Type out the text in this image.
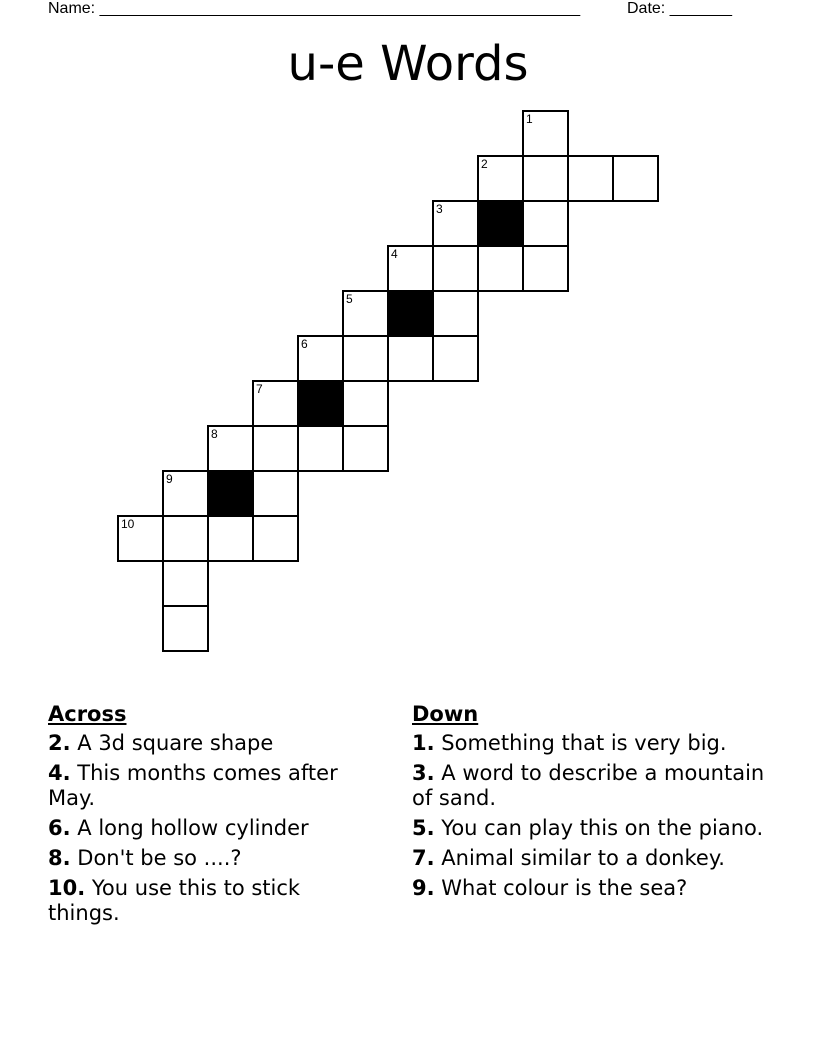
Name: ______________________________________________________	Date: _______
u-e Words
1
2
3
4
5
6
7
8
9
10
Across
2. A 3d square shape
4. This months comes after May.
6. A long hollow cylinder
8. Don't be so ....?
10. You use this to stick things.
Down
1. Something that is very big.
3. A word to describe a mountain of sand.
5. You can play this on the piano.
7. Animal similar to a donkey.
9. What colour is the sea?
